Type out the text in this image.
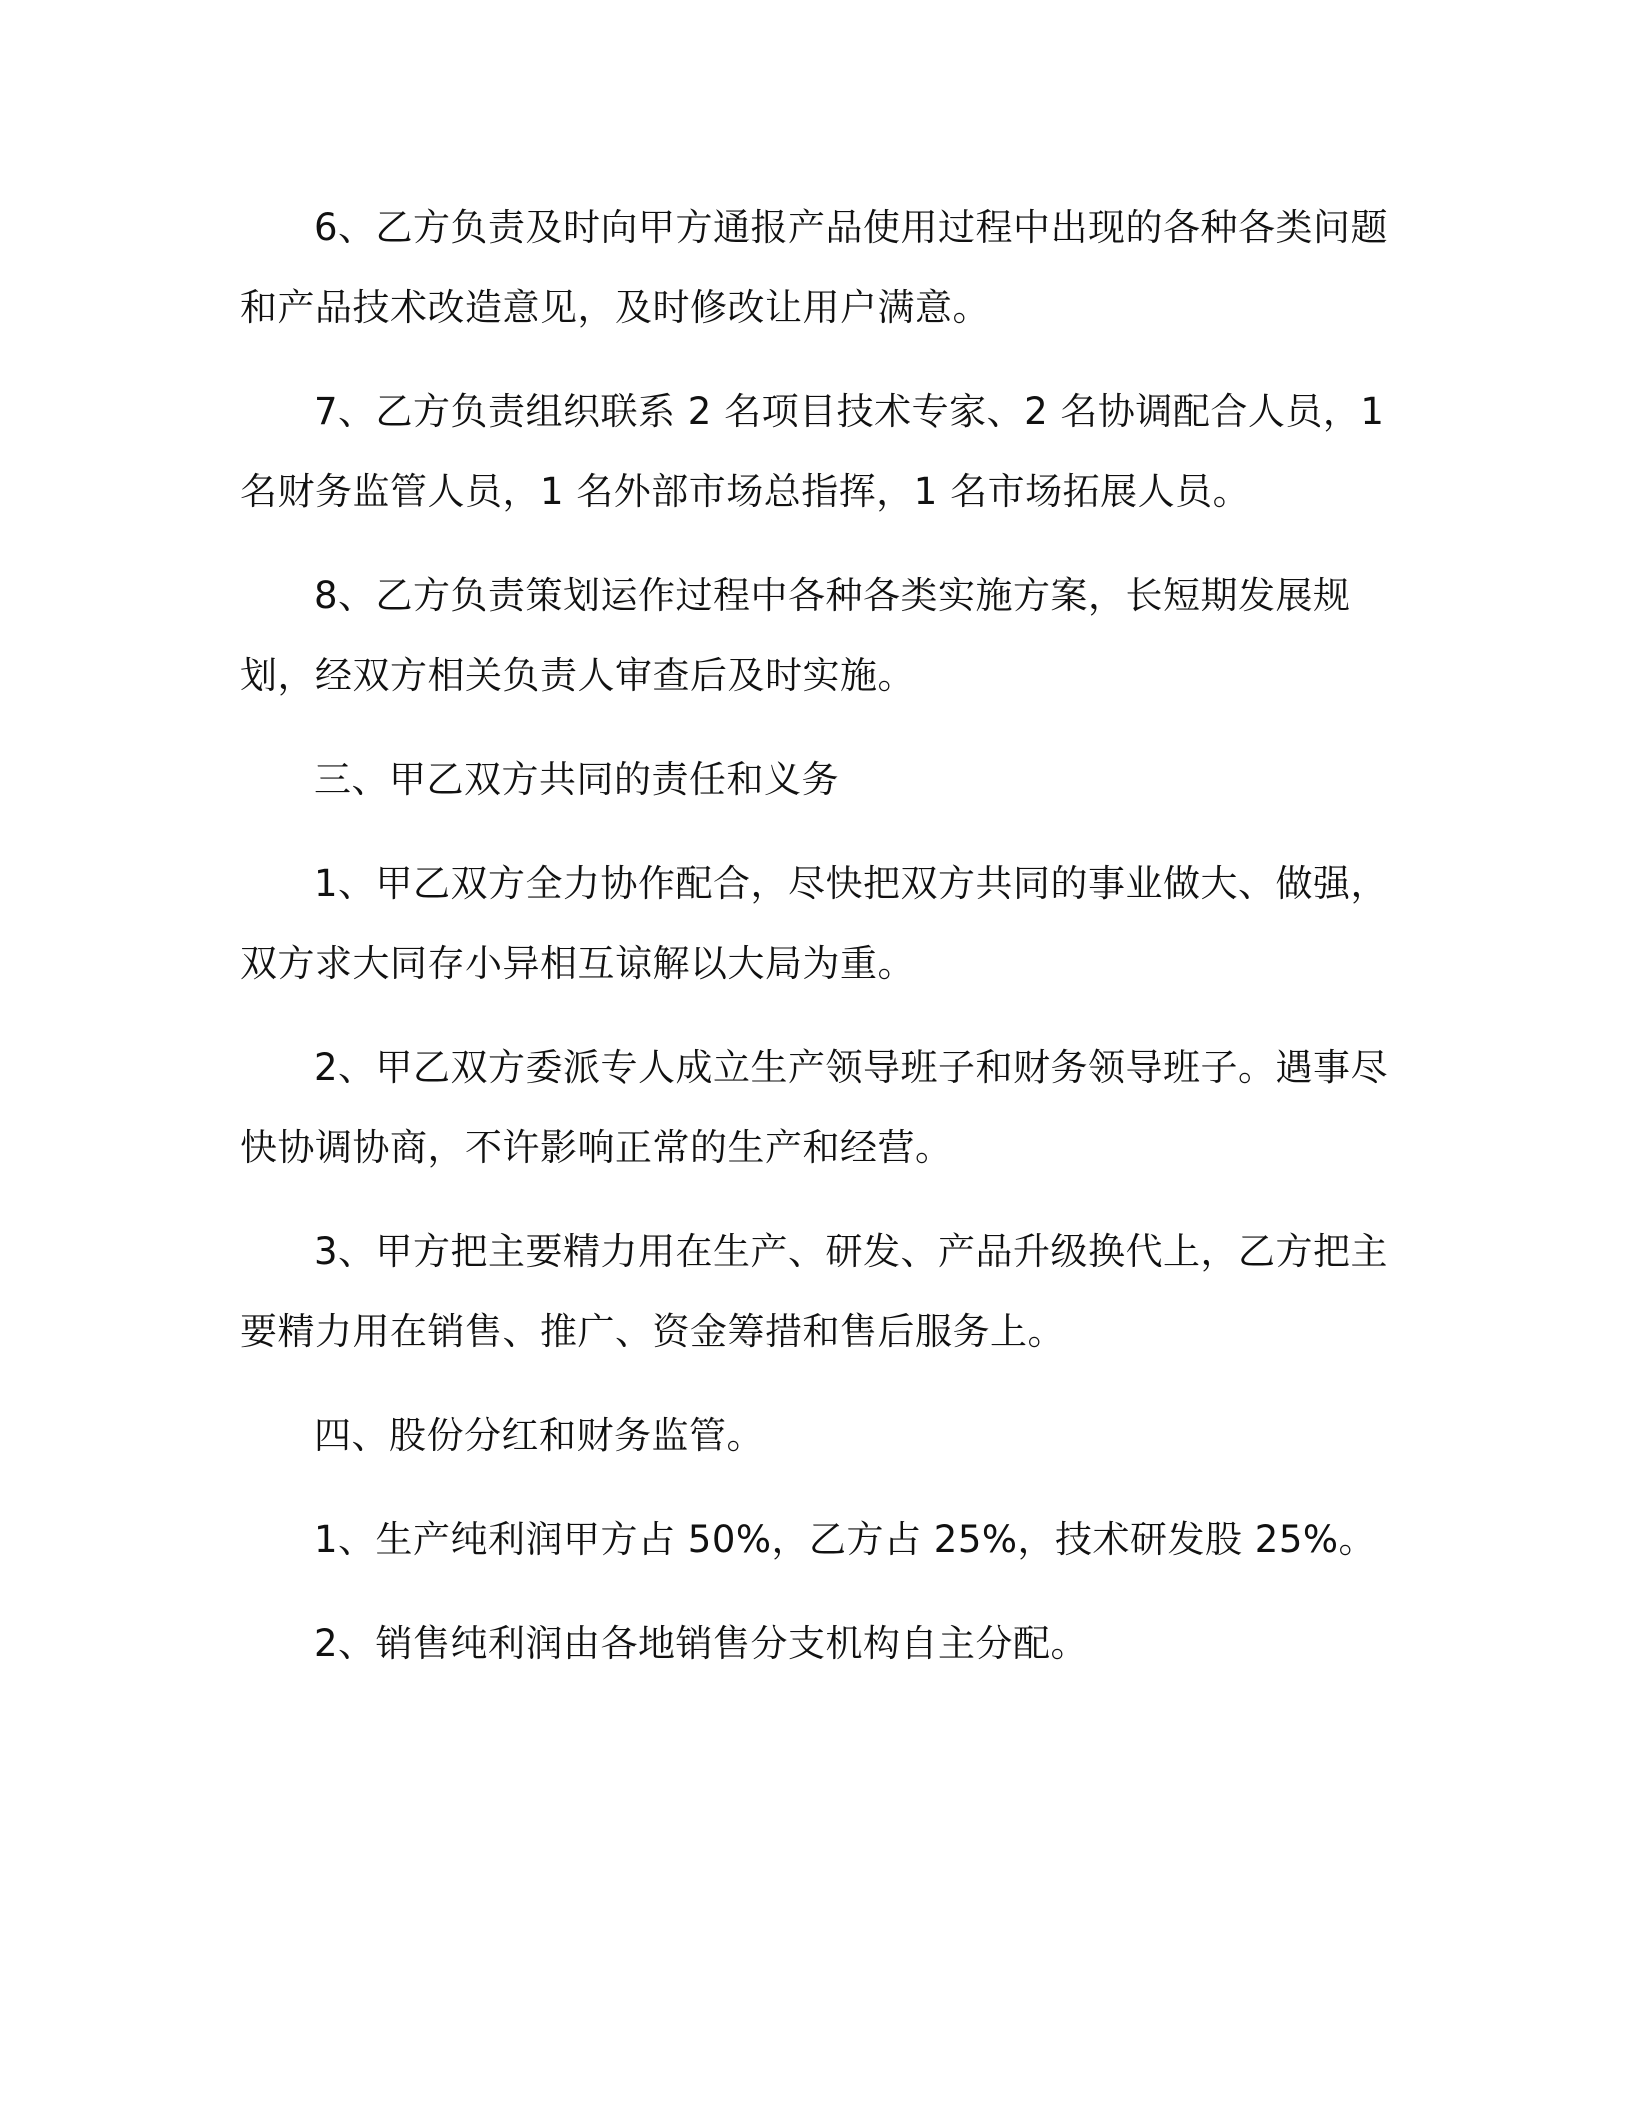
6、乙方负责及时向甲方通报产品使用过程中出现的各种各类问题和产品技术改造意见，及时修改让用户满意。

7、乙方负责组织联系 2 名项目技术专家、2 名协调配合人员，1 名财务监管人员，1 名外部市场总指挥，1 名市场拓展人员。

8、乙方负责策划运作过程中各种各类实施方案，长短期发展规划，经双方相关负责人审查后及时实施。

三、甲乙双方共同的责任和义务

1、甲乙双方全力协作配合，尽快把双方共同的事业做大、做强，双方求大同存小异相互谅解以大局为重。

2、甲乙双方委派专人成立生产领导班子和财务领导班子。遇事尽快协调协商，不许影响正常的生产和经营。

3、甲方把主要精力用在生产、研发、产品升级换代上，乙方把主要精力用在销售、推广、资金筹措和售后服务上。

四、股份分红和财务监管。

1、生产纯利润甲方占 50%，乙方占 25%，技术研发股 25%。

2、销售纯利润由各地销售分支机构自主分配。
